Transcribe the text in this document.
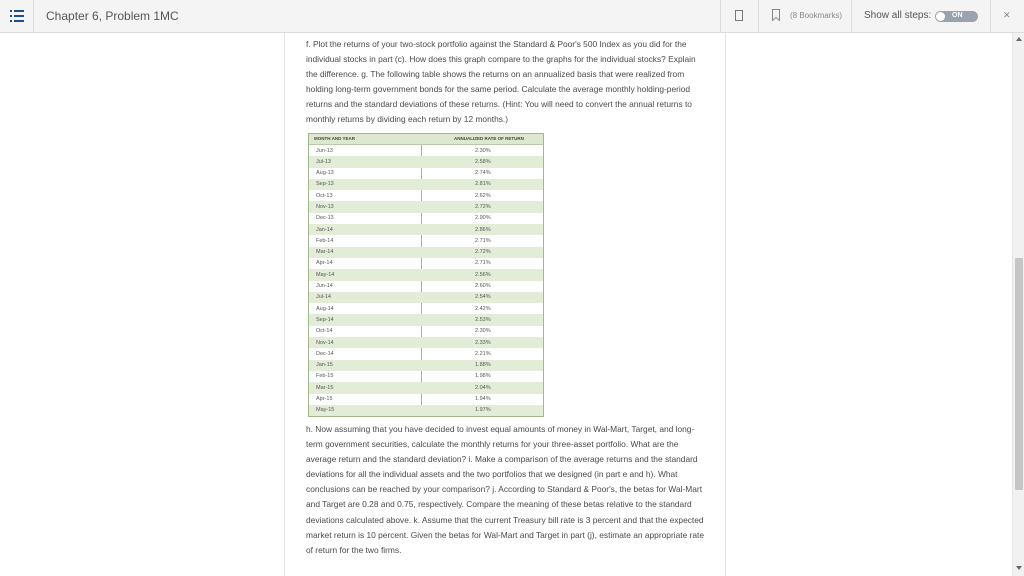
Chapter 6, Problem 1MC	(8 Bookmarks) Show all steps:	ON	✕

f. Plot the returns of your two-stock portfolio against the Standard & Poor's 500 Index as you did for the individual stocks in part (c). How does this graph compare to the graphs for the individual stocks? Explain the difference. g. The following table shows the returns on an annualized basis that were realized from holding long-term government bonds for the same period. Calculate the average monthly holding-period returns and the standard deviations of these returns. (Hint: You will need to convert the annual returns to monthly returns by dividing each return by 12 months.)

MONTH AND YEAR	ANNUALIZED RATE OF RETURN
Jun-13	2.30%
Jul-13	2.58%
Aug-13	2.74%
Sep-13	2.81%
Oct-13	2.62%
Nov-13	2.72%
Dec-13	2.90%
Jan-14	2.86%
Feb-14	2.71%
Mar-14	2.72%
Apr-14	2.71%
May-14	2.56%
Jun-14	2.60%
Jul-14	2.54%
Aug-14	2.42%
Sep-14	2.53%
Oct-14	2.30%
Nov-14	2.33%
Dec-14	2.21%
Jan-15	1.88%
Feb-15	1.98%
Mar-15	2.04%
Apr-15	1.94%
May-15	1.97%

h. Now assuming that you have decided to invest equal amounts of money in Wal-Mart, Target, and long-term government securities, calculate the monthly returns for your three-asset portfolio. What are the average return and the standard deviation? i. Make a comparison of the average returns and the standard deviations for all the individual assets and the two portfolios that we designed (in part e and h). What conclusions can be reached by your comparison? j. According to Standard & Poor's, the betas for Wal-Mart and Target are 0.28 and 0.75, respectively. Compare the meaning of these betas relative to the standard deviations calculated above. k. Assume that the current Treasury bill rate is 3 percent and that the expected market return is 10 percent. Given the betas for Wal-Mart and Target in part (j), estimate an appropriate rate of return for the two firms.
